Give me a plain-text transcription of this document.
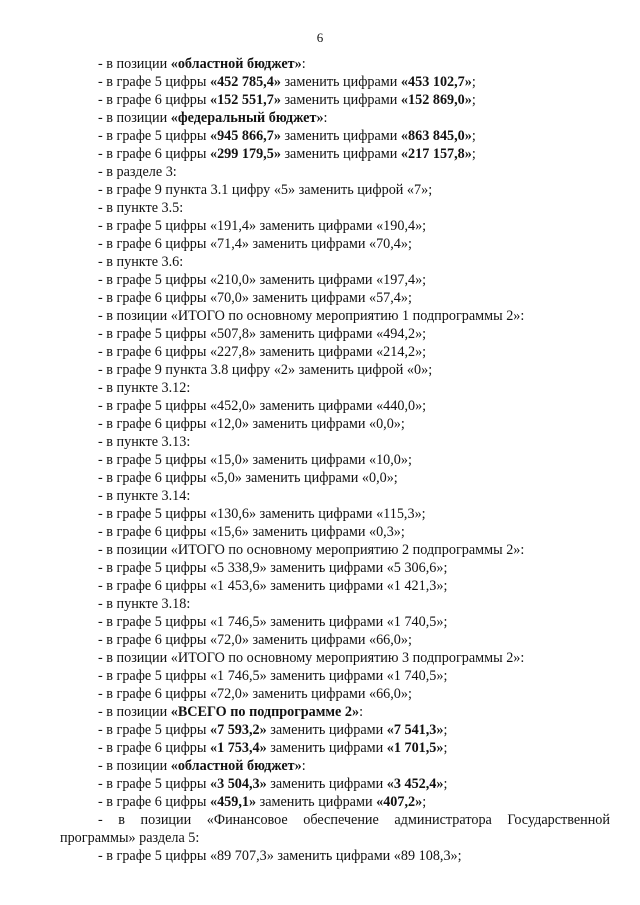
6
- в позиции «областной бюджет»:
- в графе 5 цифры «452 785,4» заменить цифрами «453 102,7»;
- в графе 6 цифры «152 551,7» заменить цифрами «152 869,0»;
- в позиции «федеральный бюджет»:
- в графе 5 цифры «945 866,7» заменить цифрами «863 845,0»;
- в графе 6 цифры «299 179,5» заменить цифрами «217 157,8»;
- в разделе 3:
- в графе 9 пункта 3.1 цифру «5» заменить цифрой «7»;
- в пункте 3.5:
- в графе 5 цифры «191,4» заменить цифрами «190,4»;
- в графе 6 цифры «71,4» заменить цифрами «70,4»;
- в пункте 3.6:
- в графе 5 цифры «210,0» заменить цифрами «197,4»;
- в графе 6 цифры «70,0» заменить цифрами «57,4»;
- в позиции «ИТОГО по основному мероприятию 1 подпрограммы 2»:
- в графе 5 цифры «507,8» заменить цифрами «494,2»;
- в графе 6 цифры «227,8» заменить цифрами «214,2»;
- в графе 9 пункта 3.8 цифру «2» заменить цифрой «0»;
- в пункте 3.12:
- в графе 5 цифры «452,0» заменить цифрами «440,0»;
- в графе 6 цифры «12,0» заменить цифрами «0,0»;
- в пункте 3.13:
- в графе 5 цифры «15,0» заменить цифрами «10,0»;
- в графе 6 цифры «5,0» заменить цифрами «0,0»;
- в пункте 3.14:
- в графе 5 цифры «130,6» заменить цифрами «115,3»;
- в графе 6 цифры «15,6» заменить цифрами «0,3»;
- в позиции «ИТОГО по основному мероприятию 2 подпрограммы 2»:
- в графе 5 цифры «5 338,9» заменить цифрами «5 306,6»;
- в графе 6 цифры «1 453,6» заменить цифрами «1 421,3»;
- в пункте 3.18:
- в графе 5 цифры «1 746,5» заменить цифрами «1 740,5»;
- в графе 6 цифры «72,0» заменить цифрами «66,0»;
- в позиции «ИТОГО по основному мероприятию 3 подпрограммы 2»:
- в графе 5 цифры «1 746,5» заменить цифрами «1 740,5»;
- в графе 6 цифры «72,0» заменить цифрами «66,0»;
- в позиции «ВСЕГО по подпрограмме 2»:
- в графе 5 цифры «7 593,2» заменить цифрами «7 541,3»;
- в графе 6 цифры «1 753,4» заменить цифрами «1 701,5»;
- в позиции «областной бюджет»:
- в графе 5 цифры «3 504,3» заменить цифрами «3 452,4»;
- в графе 6 цифры «459,1» заменить цифрами «407,2»;
- в позиции «Финансовое обеспечение администратора Государственной
программы» раздела 5:
- в графе 5 цифры «89 707,3» заменить цифрами «89 108,3»;
